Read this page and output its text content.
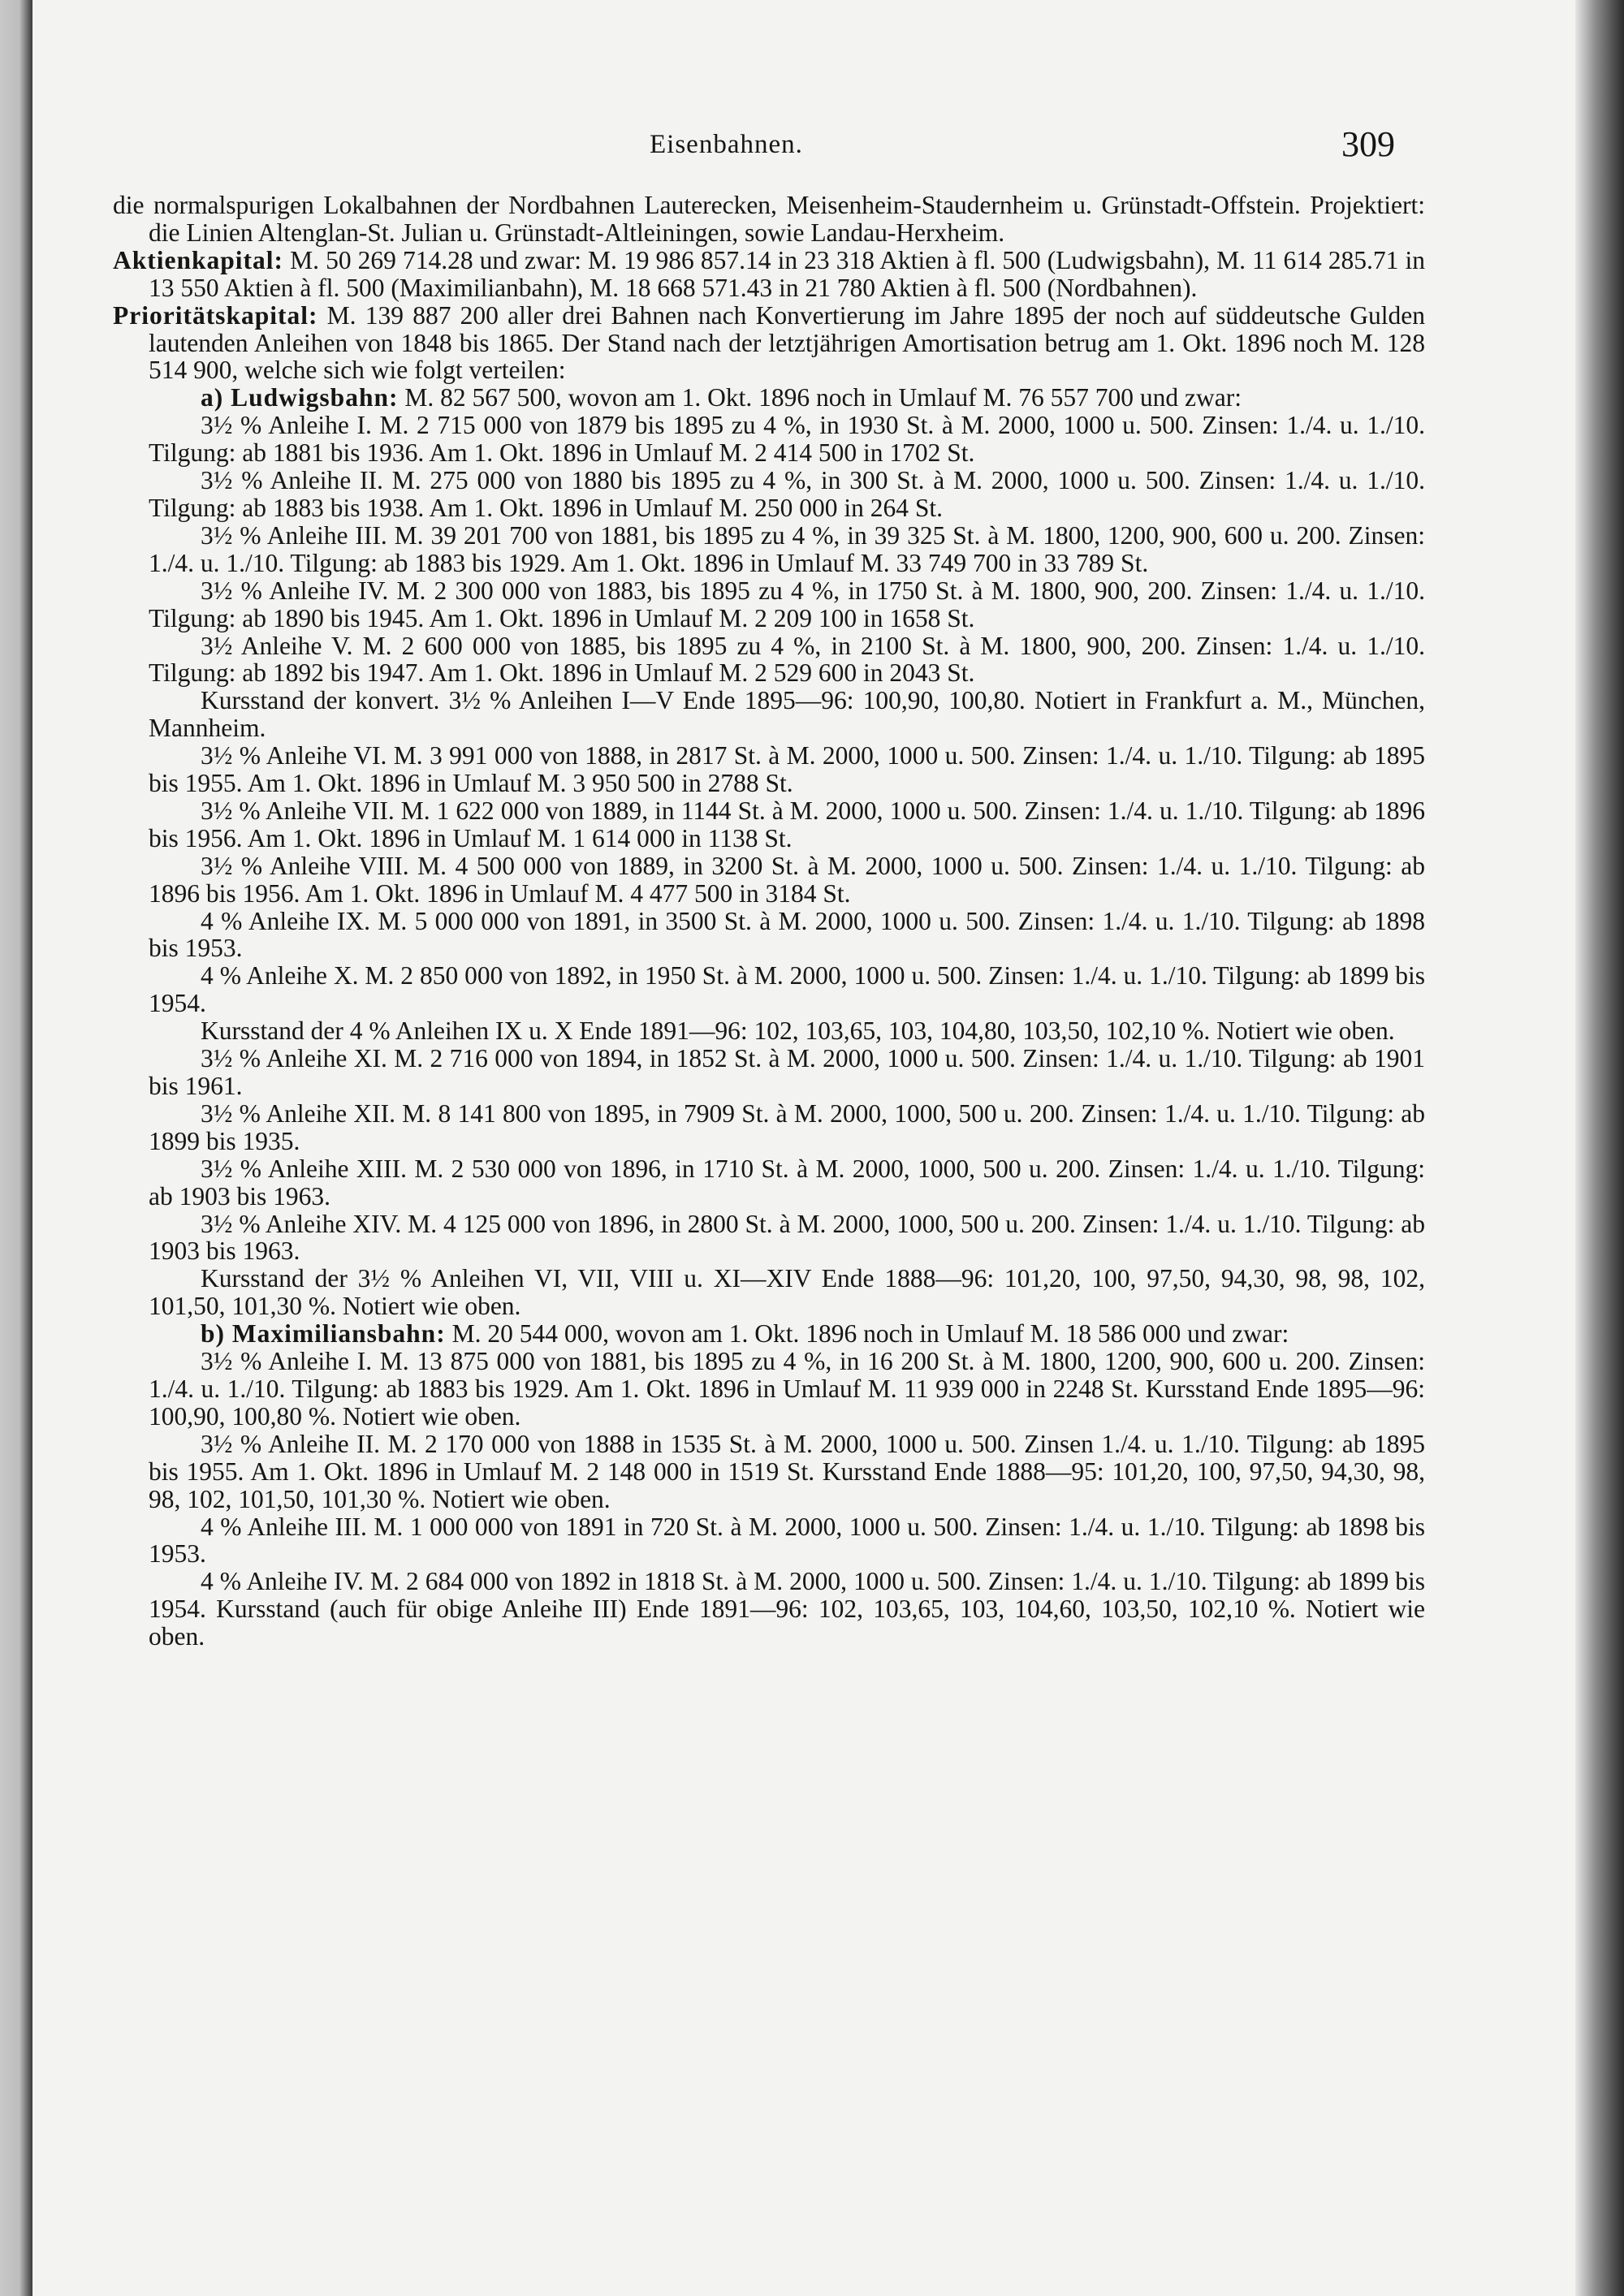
Eisenbahnen.	309

die normalspurigen Lokalbahnen der Nordbahnen Lauterecken, Meisenheim-Staudernheim u. Grünstadt-Offstein. Projektiert: die Linien Altenglan-St. Julian u. Grünstadt-Altleiningen, sowie Landau-Herxheim.

Aktienkapital: M. 50 269 714.28 und zwar: M. 19 986 857.14 in 23 318 Aktien à fl. 500 (Ludwigsbahn), M. 11 614 285.71 in 13 550 Aktien à fl. 500 (Maximilianbahn), M. 18 668 571.43 in 21 780 Aktien à fl. 500 (Nordbahnen).

Prioritätskapital: M. 139 887 200 aller drei Bahnen nach Konvertierung im Jahre 1895 der noch auf süddeutsche Gulden lautenden Anleihen von 1848 bis 1865. Der Stand nach der letztjährigen Amortisation betrug am 1. Okt. 1896 noch M. 128 514 900, welche sich wie folgt verteilen:

a) Ludwigsbahn: M. 82 567 500, wovon am 1. Okt. 1896 noch in Umlauf M. 76 557 700 und zwar:

3½ % Anleihe I. M. 2 715 000 von 1879 bis 1895 zu 4 %, in 1930 St. à M. 2000, 1000 u. 500. Zinsen: 1./4. u. 1./10. Tilgung: ab 1881 bis 1936. Am 1. Okt. 1896 in Umlauf M. 2 414 500 in 1702 St.

3½ % Anleihe II. M. 275 000 von 1880 bis 1895 zu 4 %, in 300 St. à M. 2000, 1000 u. 500. Zinsen: 1./4. u. 1./10. Tilgung: ab 1883 bis 1938. Am 1. Okt. 1896 in Umlauf M. 250 000 in 264 St.

3½ % Anleihe III. M. 39 201 700 von 1881, bis 1895 zu 4 %, in 39 325 St. à M. 1800, 1200, 900, 600 u. 200. Zinsen: 1./4. u. 1./10. Tilgung: ab 1883 bis 1929. Am 1. Okt. 1896 in Umlauf M. 33 749 700 in 33 789 St.

3½ % Anleihe IV. M. 2 300 000 von 1883, bis 1895 zu 4 %, in 1750 St. à M. 1800, 900, 200. Zinsen: 1./4. u. 1./10. Tilgung: ab 1890 bis 1945. Am 1. Okt. 1896 in Umlauf M. 2 209 100 in 1658 St.

3½ Anleihe V. M. 2 600 000 von 1885, bis 1895 zu 4 %, in 2100 St. à M. 1800, 900, 200. Zinsen: 1./4. u. 1./10. Tilgung: ab 1892 bis 1947. Am 1. Okt. 1896 in Umlauf M. 2 529 600 in 2043 St.

Kursstand der konvert. 3½ % Anleihen I—V Ende 1895—96: 100,90, 100,80. Notiert in Frankfurt a. M., München, Mannheim.

3½ % Anleihe VI. M. 3 991 000 von 1888, in 2817 St. à M. 2000, 1000 u. 500. Zinsen: 1./4. u. 1./10. Tilgung: ab 1895 bis 1955. Am 1. Okt. 1896 in Umlauf M. 3 950 500 in 2788 St.

3½ % Anleihe VII. M. 1 622 000 von 1889, in 1144 St. à M. 2000, 1000 u. 500. Zinsen: 1./4. u. 1./10. Tilgung: ab 1896 bis 1956. Am 1. Okt. 1896 in Umlauf M. 1 614 000 in 1138 St.

3½ % Anleihe VIII. M. 4 500 000 von 1889, in 3200 St. à M. 2000, 1000 u. 500. Zinsen: 1./4. u. 1./10. Tilgung: ab 1896 bis 1956. Am 1. Okt. 1896 in Umlauf M. 4 477 500 in 3184 St.

4 % Anleihe IX. M. 5 000 000 von 1891, in 3500 St. à M. 2000, 1000 u. 500. Zinsen: 1./4. u. 1./10. Tilgung: ab 1898 bis 1953.

4 % Anleihe X. M. 2 850 000 von 1892, in 1950 St. à M. 2000, 1000 u. 500. Zinsen: 1./4. u. 1./10. Tilgung: ab 1899 bis 1954.

Kursstand der 4 % Anleihen IX u. X Ende 1891—96: 102, 103,65, 103, 104,80, 103,50, 102,10 %. Notiert wie oben.

3½ % Anleihe XI. M. 2 716 000 von 1894, in 1852 St. à M. 2000, 1000 u. 500. Zinsen: 1./4. u. 1./10. Tilgung: ab 1901 bis 1961.

3½ % Anleihe XII. M. 8 141 800 von 1895, in 7909 St. à M. 2000, 1000, 500 u. 200. Zinsen: 1./4. u. 1./10. Tilgung: ab 1899 bis 1935.

3½ % Anleihe XIII. M. 2 530 000 von 1896, in 1710 St. à M. 2000, 1000, 500 u. 200. Zinsen: 1./4. u. 1./10. Tilgung: ab 1903 bis 1963.

3½ % Anleihe XIV. M. 4 125 000 von 1896, in 2800 St. à M. 2000, 1000, 500 u. 200. Zinsen: 1./4. u. 1./10. Tilgung: ab 1903 bis 1963.

Kursstand der 3½ % Anleihen VI, VII, VIII u. XI—XIV Ende 1888—96: 101,20, 100, 97,50, 94,30, 98, 98, 102, 101,50, 101,30 %. Notiert wie oben.

b) Maximiliansbahn: M. 20 544 000, wovon am 1. Okt. 1896 noch in Umlauf M. 18 586 000 und zwar:

3½ % Anleihe I. M. 13 875 000 von 1881, bis 1895 zu 4 %, in 16 200 St. à M. 1800, 1200, 900, 600 u. 200. Zinsen: 1./4. u. 1./10. Tilgung: ab 1883 bis 1929. Am 1. Okt. 1896 in Umlauf M. 11 939 000 in 2248 St. Kursstand Ende 1895—96: 100,90, 100,80 %. Notiert wie oben.

3½ % Anleihe II. M. 2 170 000 von 1888 in 1535 St. à M. 2000, 1000 u. 500. Zinsen 1./4. u. 1./10. Tilgung: ab 1895 bis 1955. Am 1. Okt. 1896 in Umlauf M. 2 148 000 in 1519 St. Kursstand Ende 1888—95: 101,20, 100, 97,50, 94,30, 98, 98, 102, 101,50, 101,30 %. Notiert wie oben.

4 % Anleihe III. M. 1 000 000 von 1891 in 720 St. à M. 2000, 1000 u. 500. Zinsen: 1./4. u. 1./10. Tilgung: ab 1898 bis 1953.

4 % Anleihe IV. M. 2 684 000 von 1892 in 1818 St. à M. 2000, 1000 u. 500. Zinsen: 1./4. u. 1./10. Tilgung: ab 1899 bis 1954. Kursstand (auch für obige Anleihe III) Ende 1891—96: 102, 103,65, 103, 104,60, 103,50, 102,10 %. Notiert wie oben.
